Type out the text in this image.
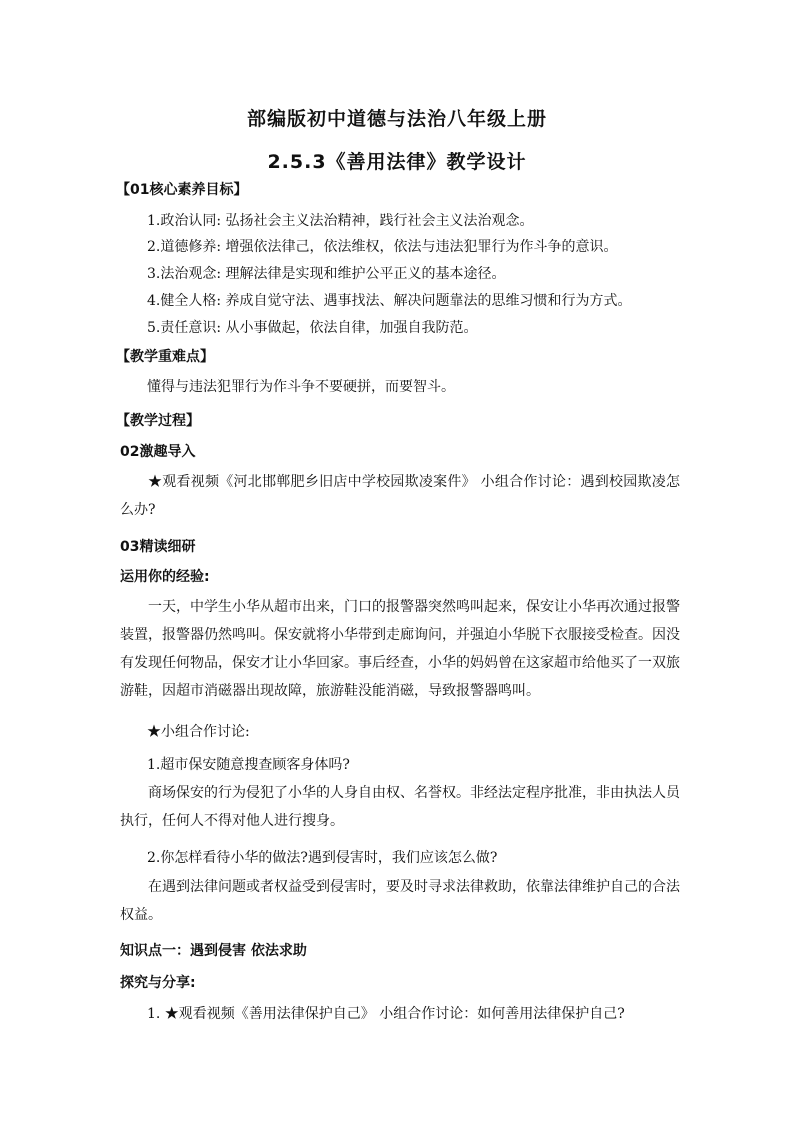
部编版初中道德与法治八年级上册
2.5.3《善用法律》教学设计
【01核心素养目标】
1.政治认同: 弘扬社会主义法治精神，践行社会主义法治观念。
2.道德修养: 增强依法律己，依法维权，依法与违法犯罪行为作斗争的意识。
3.法治观念: 理解法律是实现和维护公平正义的基本途径。
4.健全人格: 养成自觉守法、遇事找法、解决问题靠法的思维习惯和行为方式。
5.责任意识: 从小事做起，依法自律，加强自我防范。
【教学重难点】
懂得与违法犯罪行为作斗争不要硬拼，而要智斗。
【教学过程】
02激趣导入
★观看视频《河北邯郸肥乡旧店中学校园欺凌案件》 小组合作讨论：遇到校园欺凌怎么办?
03精读细研
运用你的经验:
一天，中学生小华从超市出来，门口的报警器突然鸣叫起来，保安让小华再次通过报警装置，报警器仍然鸣叫。保安就将小华带到走廊询问，并强迫小华脱下衣服接受检查。因没有发现任何物品，保安才让小华回家。事后经查，小华的妈妈曾在这家超市给他买了一双旅游鞋，因超市消磁器出现故障，旅游鞋没能消磁，导致报警器鸣叫。
★小组合作讨论:
1.超市保安随意搜查顾客身体吗?
商场保安的行为侵犯了小华的人身自由权、名誉权。非经法定程序批准，非由执法人员执行，任何人不得对他人进行搜身。
2.你怎样看待小华的做法?遇到侵害时，我们应该怎么做?
在遇到法律问题或者权益受到侵害时，要及时寻求法律救助，依靠法律维护自己的合法权益。
知识点一：遇到侵害 依法求助
探究与分享:
1. ★观看视频《善用法律保护自己》 小组合作讨论：如何善用法律保护自己?
